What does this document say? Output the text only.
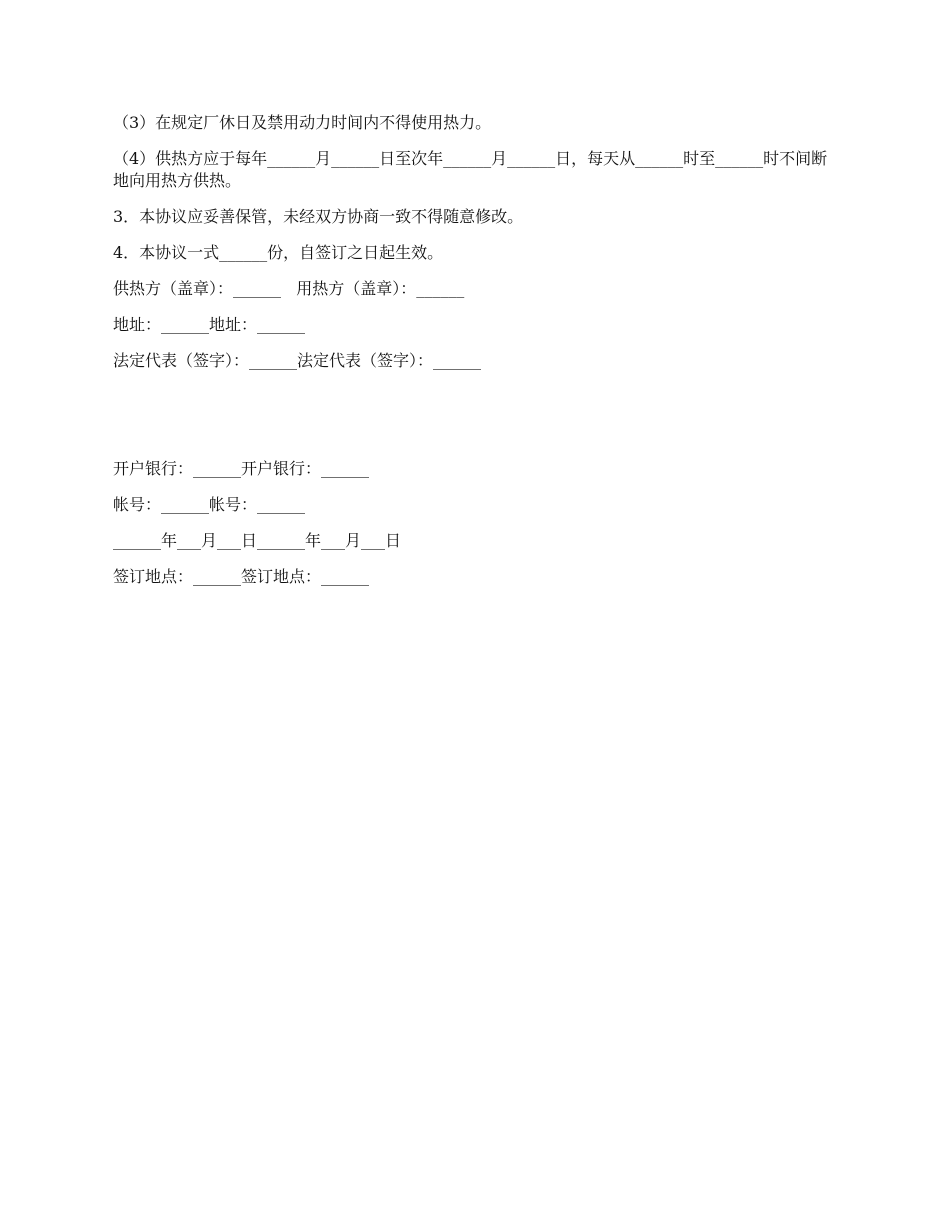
（3）在规定厂休日及禁用动力时间内不得使用热力。

（4）供热方应于每年______月______日至次年______月______日，每天从______时至______时不间断地向用热方供热。

3．本协议应妥善保管，未经双方协商一致不得随意修改。

4．本协议一式______份，自签订之日起生效。

供热方（盖章）：______   用热方（盖章）：______

地址：______地址：______

法定代表（签字）：______法定代表（签字）：______

开户银行：______开户银行：______

帐号：______帐号：______

______年___月___日______年___月___日

签订地点：______签订地点：______
